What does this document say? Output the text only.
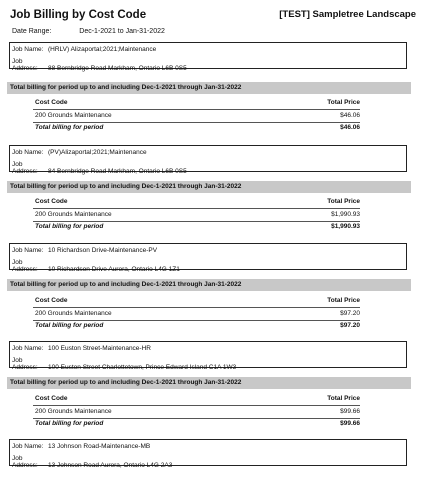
Job Billing by Cost Code	[TEST] Sampletree Landscape
Date Range:	Dec-1-2021 to Jan-31-2022
Job Name: (HRLV) Alizaportal;2021;Maintenance
Job Address: 88 Bernbridge Road Markham, Ontario L6B 0S5
Total billing for period up to and including Dec-1-2021 through Jan-31-2022
Cost Code	Total Price
200 Grounds Maintenance	$46.06
Total billing for period	$46.06
Job Name: (PV)Alizaportal;2021;Maintenance
Job Address: 84 Bernbridge Road Markham, Ontario L6B 0S5
Total billing for period up to and including Dec-1-2021 through Jan-31-2022
Cost Code	Total Price
200 Grounds Maintenance	$1,990.93
Total billing for period	$1,990.93
Job Name: 10 Richardson Drive-Maintenance-PV
Job Address: 10 Richardson Drive Aurora, Ontario L4G 1Z1
Total billing for period up to and including Dec-1-2021 through Jan-31-2022
Cost Code	Total Price
200 Grounds Maintenance	$97.20
Total billing for period	$97.20
Job Name: 100 Euston Street-Maintenance-HR
Job Address: 100 Euston Street Charlottetown, Prince Edward Island C1A 1W3
Total billing for period up to and including Dec-1-2021 through Jan-31-2022
Cost Code	Total Price
200 Grounds Maintenance	$99.66
Total billing for period	$99.66
Job Name: 13 Johnson Road-Maintenance-MB
Job Address: 13 Johnson Road Aurora, Ontario L4G 2A3
